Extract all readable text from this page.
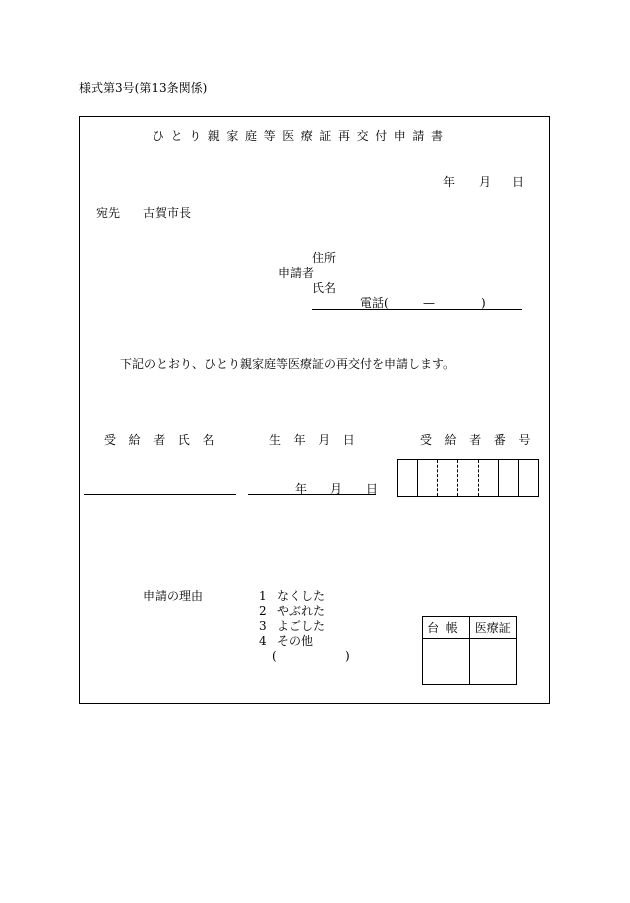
様式第3号(第13条関係)
ひとり親家庭等医療証再交付申請書
年 月 日
宛先 古賀市長
住所
申請者
氏名
電話(	—	)
下記のとおり、ひとり親家庭等医療証の再交付を申請します。
受給者氏名	生年月日	受給者番号
年 月 日

申請の理由	1 なくした
2 やぶれた
3 よごした
4 その他
(	)
台帳	医療証
